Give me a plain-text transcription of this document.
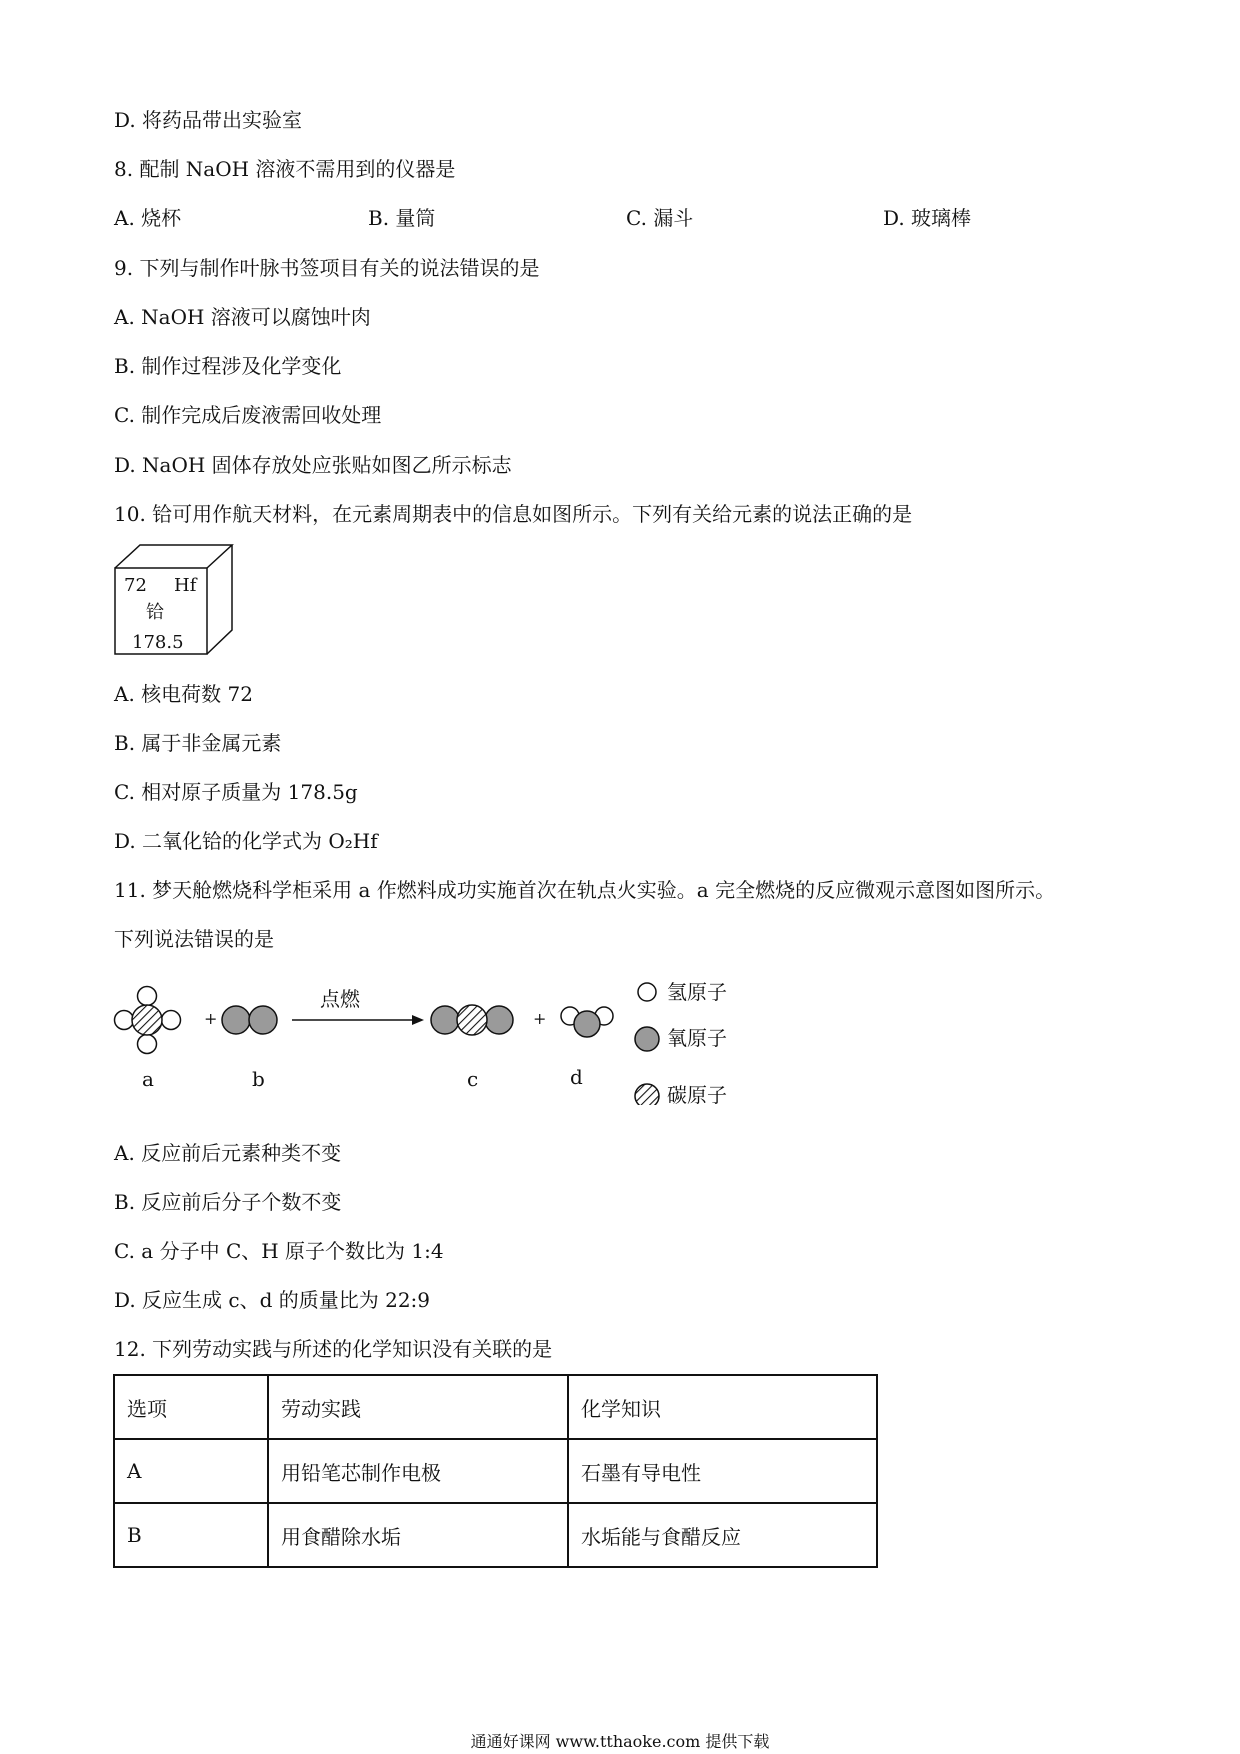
D. 将药品带出实验室
8. 配制 NaOH 溶液不需用到的仪器是
A. 烧杯	B. 量筒	C. 漏斗	D. 玻璃棒
9. 下列与制作叶脉书签项目有关的说法错误的是
A. NaOH 溶液可以腐蚀叶肉
B. 制作过程涉及化学变化
C. 制作完成后废液需回收处理
D. NaOH 固体存放处应张贴如图乙所示标志
10. 铪可用作航天材料，在元素周期表中的信息如图所示。下列有关给元素的说法正确的是
72 Hf
铪
178.5
A. 核电荷数 72
B. 属于非金属元素
C. 相对原子质量为 178.5g
D. 二氧化铪的化学式为 O₂Hf
11. 梦天舱燃烧科学柜采用 a 作燃料成功实施首次在轨点火实验。a 完全燃烧的反应微观示意图如图所示。
下列说法错误的是
+	+
点燃
a	b	c	d
氢原子
氧原子
碳原子
A. 反应前后元素种类不变
B. 反应前后分子个数不变
C. a 分子中 C、H 原子个数比为 1:4
D. 反应生成 c、d 的质量比为 22:9
12. 下列劳动实践与所述的化学知识没有关联的是
选项	劳动实践	化学知识
A	用铅笔芯制作电极	石墨有导电性
B	用食醋除水垢	水垢能与食醋反应
通通好课网 www.tthaoke.com 提供下载
